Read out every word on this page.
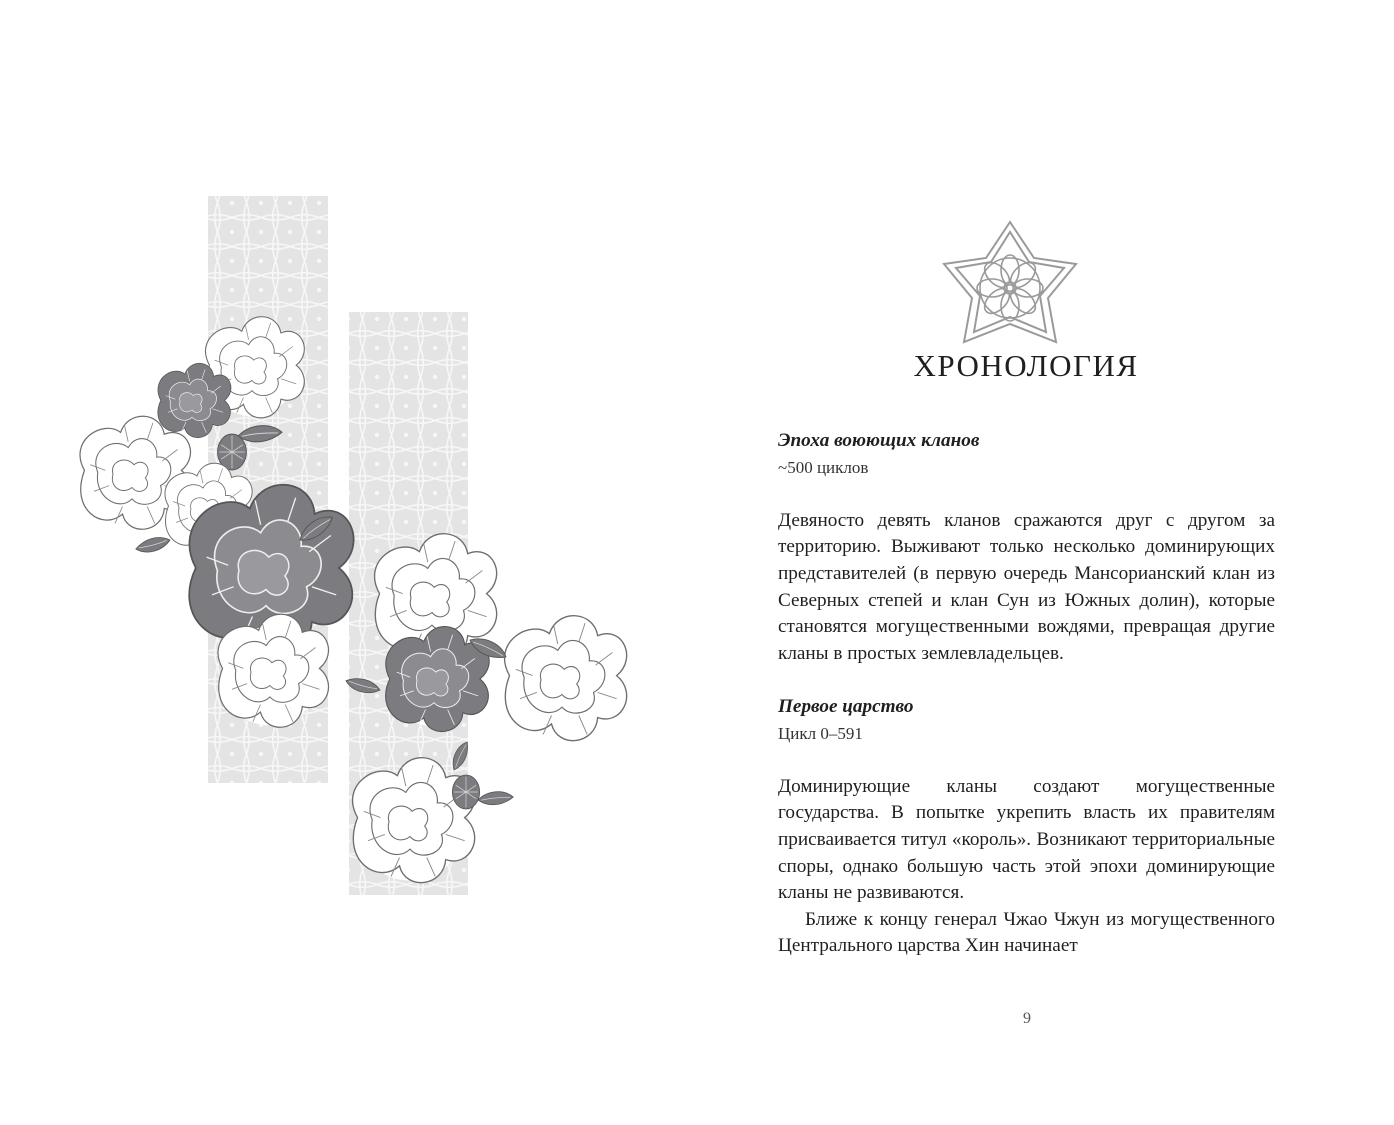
ХРОНОЛОГИЯ

Эпоха воюющих кланов

~500 циклов

Девяносто девять кланов сражаются друг с другом за территорию. Выживают только несколько доминирующих представителей (в первую очередь Мансорианский клан из Северных степей и клан Сун из Южных долин), которые становятся могущественными вождями, превращая другие кланы в простых землевладельцев.

Первое царство

Цикл 0–591

Доминирующие кланы создают могущественные государства. В попытке укрепить власть их правителям присваивается титул «король». Возникают территориальные споры, однако большую часть этой эпохи доминирующие кланы не развиваются.

Ближе к концу генерал Чжао Чжун из могущественного Центрального царства Хин начинает

9
